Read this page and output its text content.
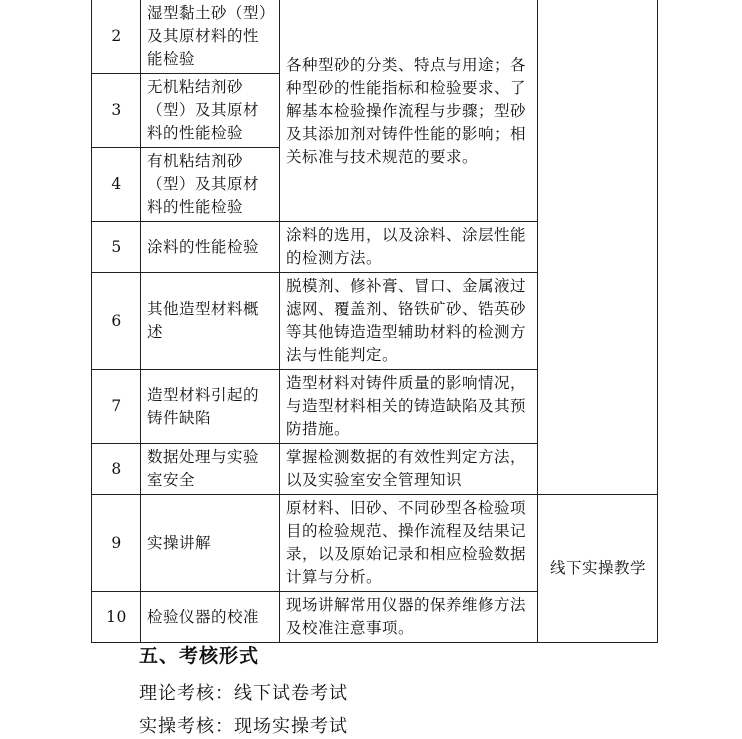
2	湿型黏土砂（型）及其原材料的性能检验	各种型砂的分类、特点与用途；各种型砂的性能指标和检验要求、了解基本检验操作流程与步骤；型砂及其添加剂对铸件性能的影响；相关标准与技术规范的要求。	
3	无机粘结剂砂（型）及其原材料的性能检验		
4	有机粘结剂砂（型）及其原材料的性能检验		
5	涂料的性能检验	涂料的选用，以及涂料、涂层性能的检测方法。	
6	其他造型材料概述	脱模剂、修补膏、冒口、金属液过滤网、覆盖剂、铬铁矿砂、锆英砂等其他铸造造型辅助材料的检测方法与性能判定。	
7	造型材料引起的铸件缺陷	造型材料对铸件质量的影响情况，与造型材料相关的铸造缺陷及其预防措施。	
8	数据处理与实验室安全	掌握检测数据的有效性判定方法，以及实验室安全管理知识	
9	实操讲解	原材料、旧砂、不同砂型各检验项目的检验规范、操作流程及结果记录，以及原始记录和相应检验数据计算与分析。	线下实操教学
10	检验仪器的校准	现场讲解常用仪器的保养维修方法及校准注意事项。	
五、考核形式
理论考核：线下试卷考试
实操考核：现场实操考试
